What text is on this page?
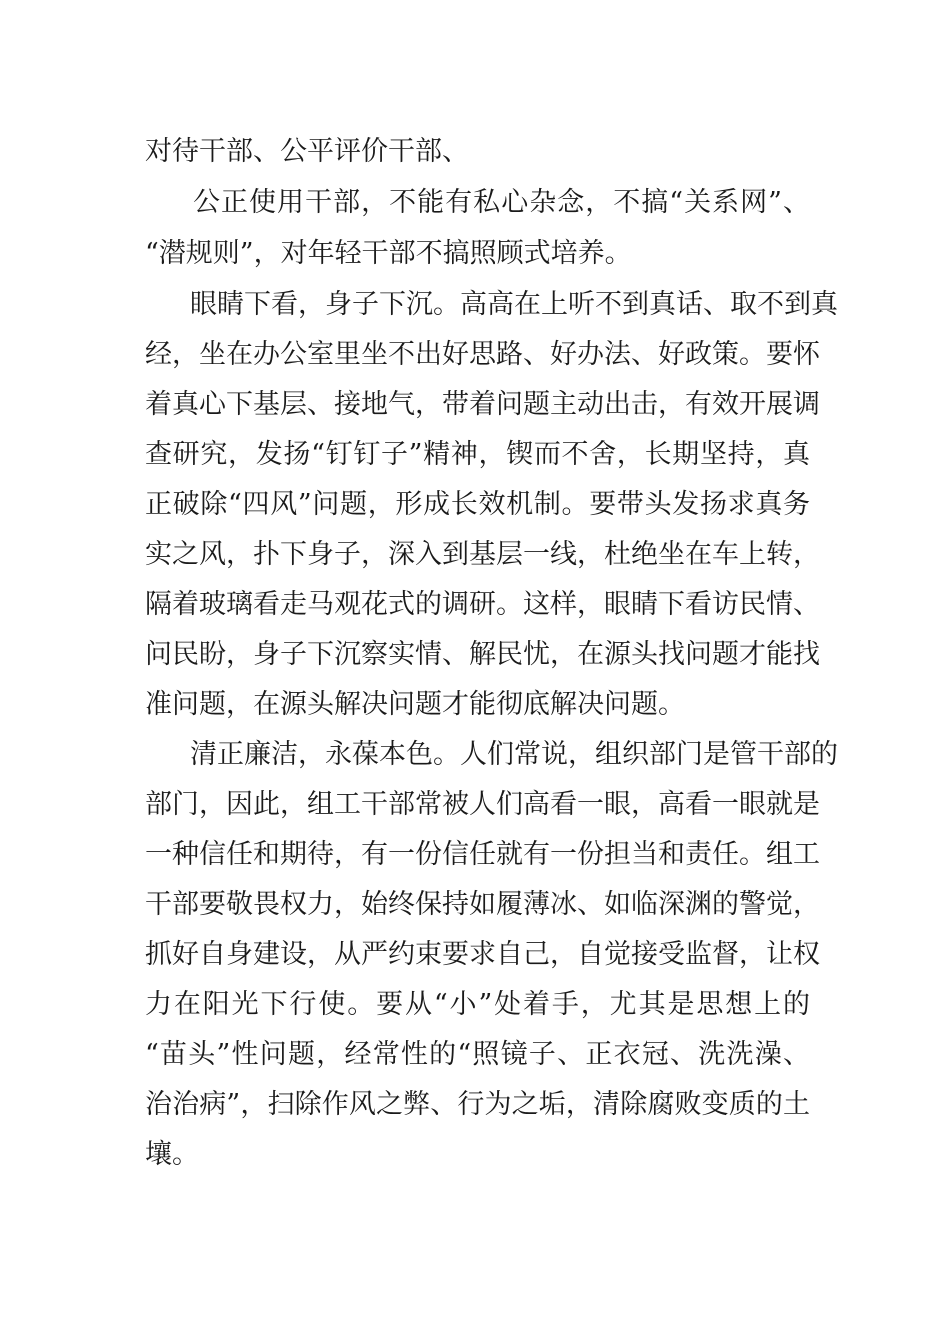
对待干部、公平评价干部、
公正使用干部，不能有私心杂念，不搞“关系网”、
“潜规则”，对年轻干部不搞照顾式培养。
眼睛下看，身子下沉。高高在上听不到真话、取不到真
经，坐在办公室里坐不出好思路、好办法、好政策。要怀
着真心下基层、接地气，带着问题主动出击，有效开展调
查研究，发扬“钉钉子”精神，锲而不舍，长期坚持，真
正破除“四风”问题，形成长效机制。要带头发扬求真务
实之风，扑下身子，深入到基层一线，杜绝坐在车上转，
隔着玻璃看走马观花式的调研。这样，眼睛下看访民情、
问民盼，身子下沉察实情、解民忧，在源头找问题才能找
准问题，在源头解决问题才能彻底解决问题。
清正廉洁，永葆本色。人们常说，组织部门是管干部的
部门，因此，组工干部常被人们高看一眼，高看一眼就是
一种信任和期待，有一份信任就有一份担当和责任。组工
干部要敬畏权力，始终保持如履薄冰、如临深渊的警觉，
抓好自身建设，从严约束要求自己，自觉接受监督，让权
力在阳光下行使。要从“小”处着手，尤其是思想上的
“苗头”性问题，经常性的“照镜子、正衣冠、洗洗澡、
治治病”，扫除作风之弊、行为之垢，清除腐败变质的土
壤。
